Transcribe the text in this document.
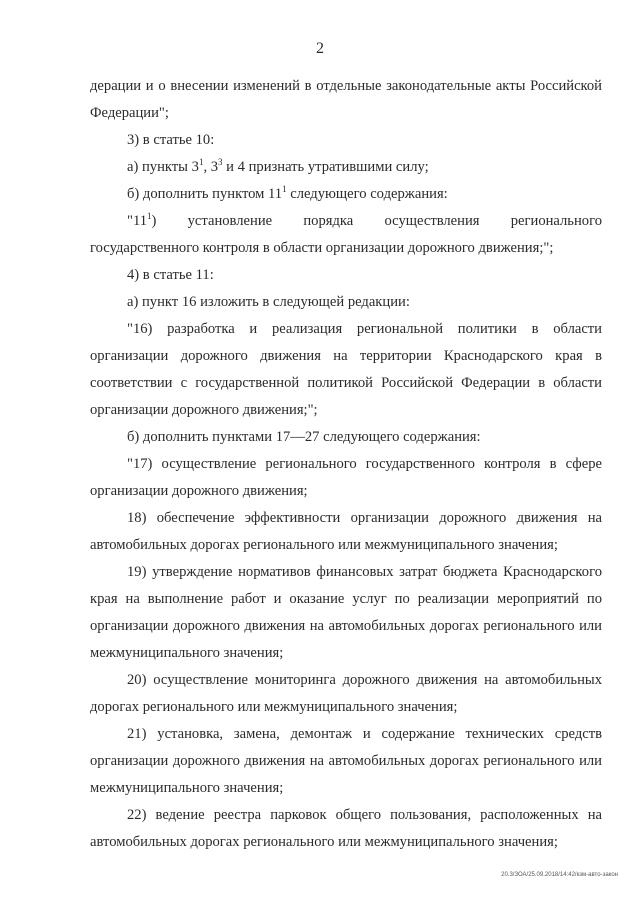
2

дерации и о внесении изменений в отдельные законодательные акты Российской Федерации";

3) в статье 10:

а) пункты $3^1$, $3^3$ и 4 признать утратившими силу;

б) дополнить пунктом $11^1$ следующего содержания:

"$11^1$) установление порядка осуществления регионального государственного контроля в области организации дорожного движения;";

4) в статье 11:

а) пункт 16 изложить в следующей редакции:

"16) разработка и реализация региональной политики в области организации дорожного движения на территории Краснодарского края в соответствии с государственной политикой Российской Федерации в области организации дорожного движения;";

б) дополнить пунктами 17—27 следующего содержания:

"17) осуществление регионального государственного контроля в сфере организации дорожного движения;

18) обеспечение эффективности организации дорожного движения на автомобильных дорогах регионального или межмуниципального значения;

19) утверждение нормативов финансовых затрат бюджета Краснодарского края на выполнение работ и оказание услуг по реализации мероприятий по организации дорожного движения на автомобильных дорогах регионального или межмуниципального значения;

20) осуществление мониторинга дорожного движения на автомобильных дорогах регионального или межмуниципального значения;

21) установка, замена, демонтаж и содержание технических средств организации дорожного движения на автомобильных дорогах регионального или межмуниципального значения;

22) ведение реестра парковок общего пользования, расположенных на автомобильных дорогах регионального или межмуниципального значения;

20.3/ЗОА/25.09.2018/14:42/кзм-авто-закон
